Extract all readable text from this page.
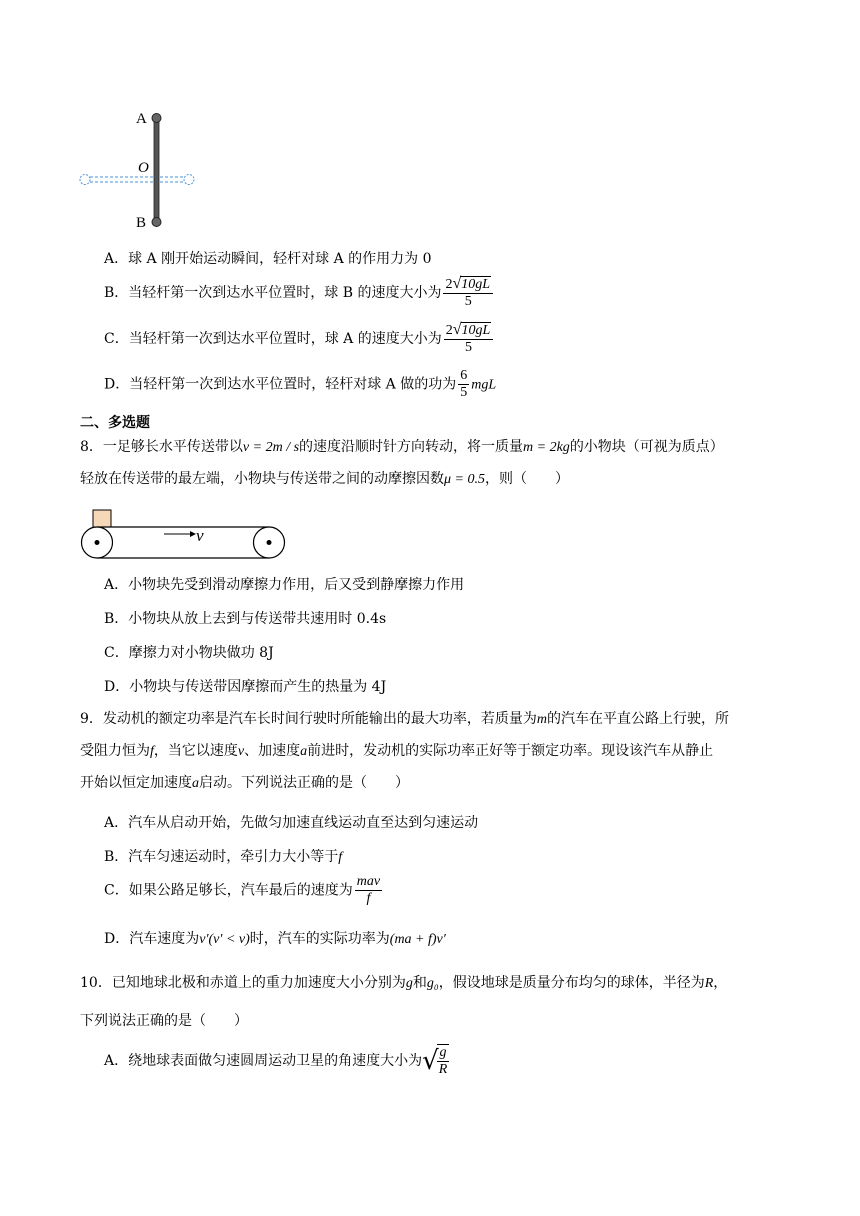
A
O
B
A．球 A 刚开始运动瞬间，轻杆对球 A 的作用力为 0
B．当轻杆第一次到达水平位置时，球 B 的速度大小为 $\frac{2√10gL}{5}$
C．当轻杆第一次到达水平位置时，球 A 的速度大小为 $\frac{2√10gL}{5}$
D．当轻杆第一次到达水平位置时，轻杆对球 A 做的功为 $\frac{6}{5}$ mgL
二、多选题
8．一足够长水平传送带以v = 2m / s的速度沿顺时针方向转动，将一质量m = 2kg的小物块（可视为质点）
轻放在传送带的最左端，小物块与传送带之间的动摩擦因数μ = 0.5，则（　　）
v
A．小物块先受到滑动摩擦力作用，后又受到静摩擦力作用
B．小物块从放上去到与传送带共速用时 0.4s
C．摩擦力对小物块做功 8J
D．小物块与传送带因摩擦而产生的热量为 4J
9．发动机的额定功率是汽车长时间行驶时所能输出的最大功率，若质量为m的汽车在平直公路上行驶，所
受阻力恒为f，当它以速度v、加速度a前进时，发动机的实际功率正好等于额定功率。现设该汽车从静止
开始以恒定加速度a启动。下列说法正确的是（　　）
A．汽车从启动开始，先做匀加速直线运动直至达到匀速运动
B．汽车匀速运动时，牵引力大小等于f
C．如果公路足够长，汽车最后的速度为 $\frac{\text{mav}}{f}$
D．汽车速度为v′(v′ < v)时，汽车的实际功率为(ma + f)v′
10．已知地球北极和赤道上的重力加速度大小分别为g和g₀，假设地球是质量分布均匀的球体，半径为R，
下列说法正确的是（　　）
A．绕地球表面做匀速圆周运动卫星的角速度大小为√
$\frac{g}{R}$
